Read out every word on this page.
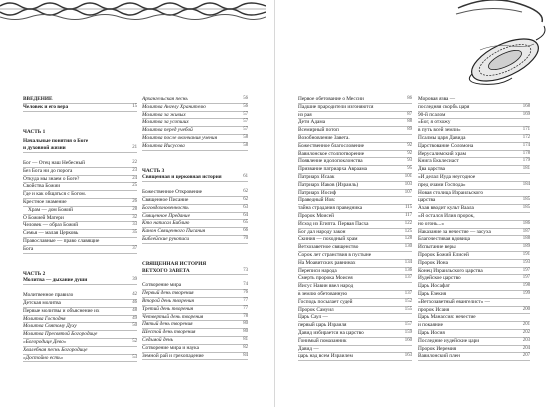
ВВЕДЕНИЕ
Человек и его вера	15
ЧАСТЬ 1
Начальные понятия о Боге
и духовной жизни	21
Бог — Отец наш Небесный	22
Без Бога ни до порога	23
Откуда мы знаем о Боге?	24
Свойства Божии	25
Где и как общаться с Богом.
Крестное знамение	26
Храм — дом Божий	28
О Божией Матери	32
Человек — образ Божий	33
Семья — малая Церковь	35
Православные — право славящие
Бога	37
ЧАСТЬ 2
Молитва — дыхание души	39
Молитвенное правило	42
Детская молитва	46
Первые молитвы и объяснение их	48
Молитва Господня	49
Молитва Святому Духу	50
Молитва Пресвятой Богородице
«Богородице Дево»	52
Хвалебная песнь Богородице
«Достойно есть»	53
Архангельская песнь	56
Молитва Ангелу Хранителю	56
Молитва за живых	57
Молитва за усопших	57
Молитва перед учебой	57
Молитва после окончания учения	58
Молитва Иисусова	58
ЧАСТЬ 3
Священная и церковная история	61
Божественное Откровение	62
Священное Писание	62
Боговдохновенность	63
Священное Предание	64
Кто написал Библию	65
Канон Священного Писания	66
Библейские рукописи	70
СВЯЩЕННАЯ ИСТОРИЯ
ВЕТХОГО ЗАВЕТА	73
Сотворение мира	74
Первый день творения	76
Второй день творения	77
Третий день творения	77
Четвертый день творения	78
Пятый день творения	80
Шестой день творения	80
Седьмой день	81
Сотворение мира и наука	82
Земной рай и грехопадение	84
Первое обетование о Мессии	86
Падшие прародители изгоняются
из рая	87
Дети Адама	88
Всемирный потоп	89
Возобновление Завета.
Божественное благословение	92
Вавилонское столпотворение	92
Появление идолопоклонства	93
Призвание патриарха Авраама	95
Патриарх Исаак	101
Патриарх Иаков (Израиль)	103
Патриарх Иосиф	107
Праведный Иов:
тайна страдания праведника	115
Пророк Моисей	117
Исход из Египта. Первая Пасха	122
Бог дал народу закон	125
Скиния — походный храм	128
Ветхозаветное священство	130
Сорок лет странствия в пустыне
На Моавитских равнинах	134
Переписи народа	136
Смерть пророка Моисея	137
Иисус Навин ввел народ
в землю обетованную	137
Господь посылает судей	152
Пророк Самуил	155
Царь Саул —
первый царь Израиля	157
Давид избирается на царство	159
Гонимый помазанник	160
Давид —
царь над всем Израилем	163
Моровая язва —
последняя скорбь царя	168
90-й псалом	169
«Бог, я отхожу
в путь всей земли»	171
Псалмы царя Давида	172
Царствование Соломона	174
Иерусалимский храм	178
Книга Екклесиаст	179
Два царства	181
«И делал Иуда неугодное
пред очами Господа»	184
Новая столица Израильского
царства	185
Ахав вводит культ Ваала	185
«Я остался Илия пророк,
но огонь...»	186
Наказание за нечестие — засуха	187
Благочестивая вдовица	188
Испытание веры	189
Пророк Божий Елисей	191
Пророк Иона	193
Конец Израильского царства	197
Иудейское царство	197
Царь Иосафат	198
Царь Езекия	199
«Ветхозаветный евангелист» —
пророк Исаия	200
Царь Манассия: нечестие
и покаяние	201
Царь Иосия	202
Последние иудейские цари	203
Пророк Иеремия	204
Вавилонский плен	207
